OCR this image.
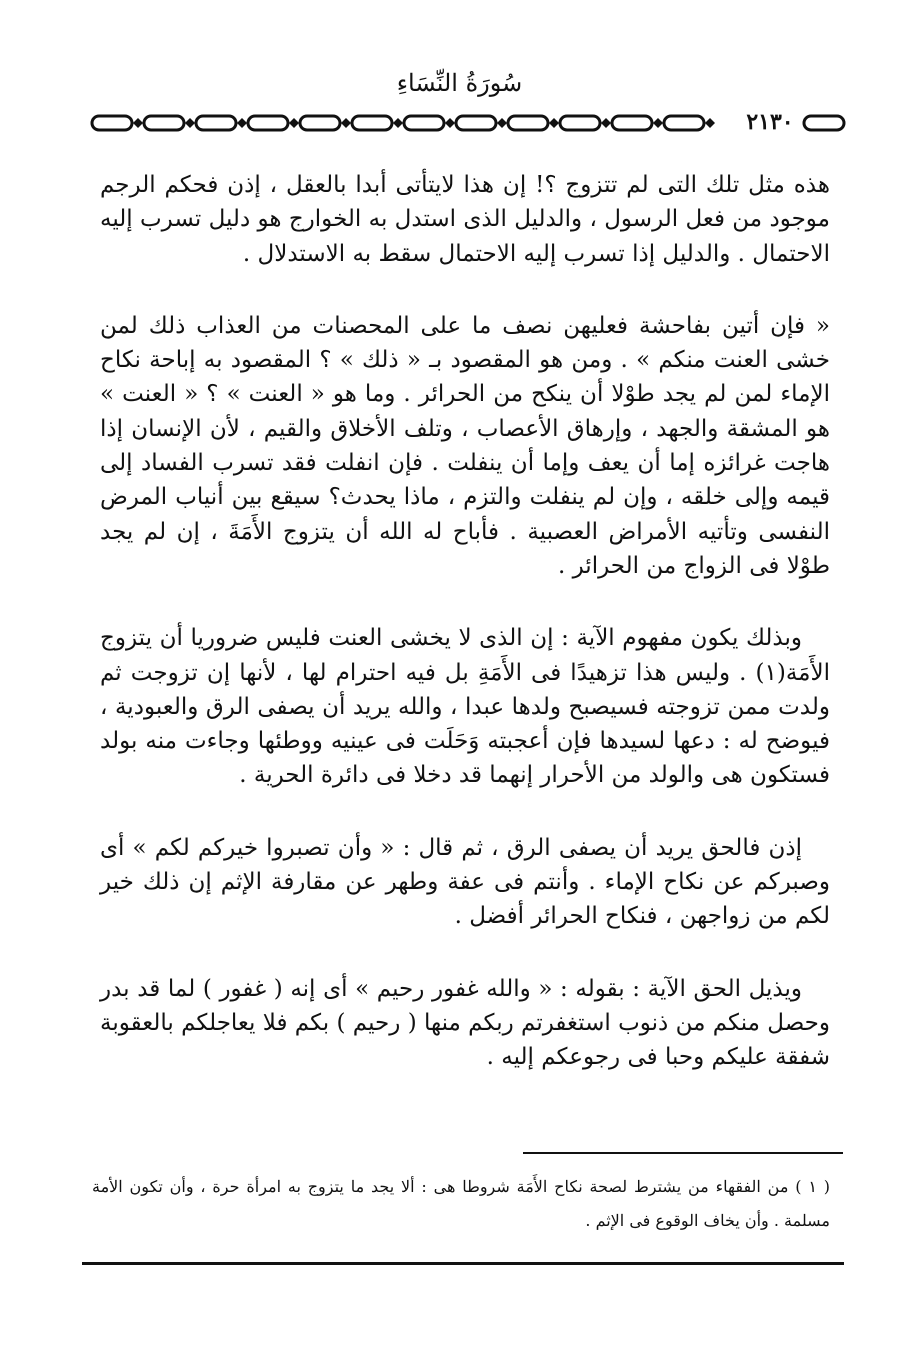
سُورَةُ النِّسَاءِ
٢١٣٠

هذه مثل تلك التى لم تتزوج ؟! إن هذا لايتأتى أبدا بالعقل ، إذن فحكم الرجم موجود من فعل الرسول ، والدليل الذى استدل به الخوارج هو دليل تسرب إليه الاحتمال . والدليل إذا تسرب إليه الاحتمال سقط به الاستدلال .

« فإن أتين بفاحشة فعليهن نصف ما على المحصنات من العذاب ذلك لمن خشى العنت منكم » . ومن هو المقصود بـ « ذلك » ؟ المقصود به إباحة نكاح الإماء لمن لم يجد طوْلا أن ينكح من الحرائر . وما هو « العنت » ؟ « العنت » هو المشقة والجهد ، وإرهاق الأعصاب ، وتلف الأخلاق والقيم ، لأن الإنسان إذا هاجت غرائزه إما أن يعف وإما أن ينفلت . فإن انفلت فقد تسرب الفساد إلى قيمه وإلى خلقه ، وإن لم ينفلت والتزم ، ماذا يحدث؟ سيقع بين أنياب المرض النفسى وتأتيه الأمراض العصبية . فأباح له الله أن يتزوج الأَمَةَ ، إن لم يجد طوْلا فى الزواج من الحرائر .

وبذلك يكون مفهوم الآية : إن الذى لا يخشى العنت فليس ضروريا أن يتزوج الأَمَة(١) . وليس هذا تزهيدًا فى الأَمَةِ بل فيه احترام لها ، لأنها إن تزوجت ثم ولدت ممن تزوجته فسيصبح ولدها عبدا ، والله يريد أن يصفى الرق والعبودية ، فيوضح له : دعها لسيدها فإن أعجبته وَحَلَت فى عينيه ووطئها وجاءت منه بولد فستكون هى والولد من الأحرار إنهما قد دخلا فى دائرة الحرية .

إذن فالحق يريد أن يصفى الرق ، ثم قال : « وأن تصبروا خيركم لكم » أى وصبركم عن نكاح الإماء . وأنتم فى عفة وطهر عن مقارفة الإثم إن ذلك خير لكم من زواجهن ، فنكاح الحرائر أفضل .

ويذيل الحق الآية : بقوله : « والله غفور رحيم » أى إنه ( غفور ) لما قد بدر وحصل منكم من ذنوب استغفرتم ربكم منها ( رحيم ) بكم فلا يعاجلكم بالعقوبة شفقة عليكم وحبا فى رجوعكم إليه .

( ١ ) من الفقهاء من يشترط لصحة نكاح الأَمَة شروطا هى : ألا يجد ما يتزوج به امرأة حرة ، وأن تكون الأمة مسلمة . وأن يخاف الوقوع فى الإثم .
